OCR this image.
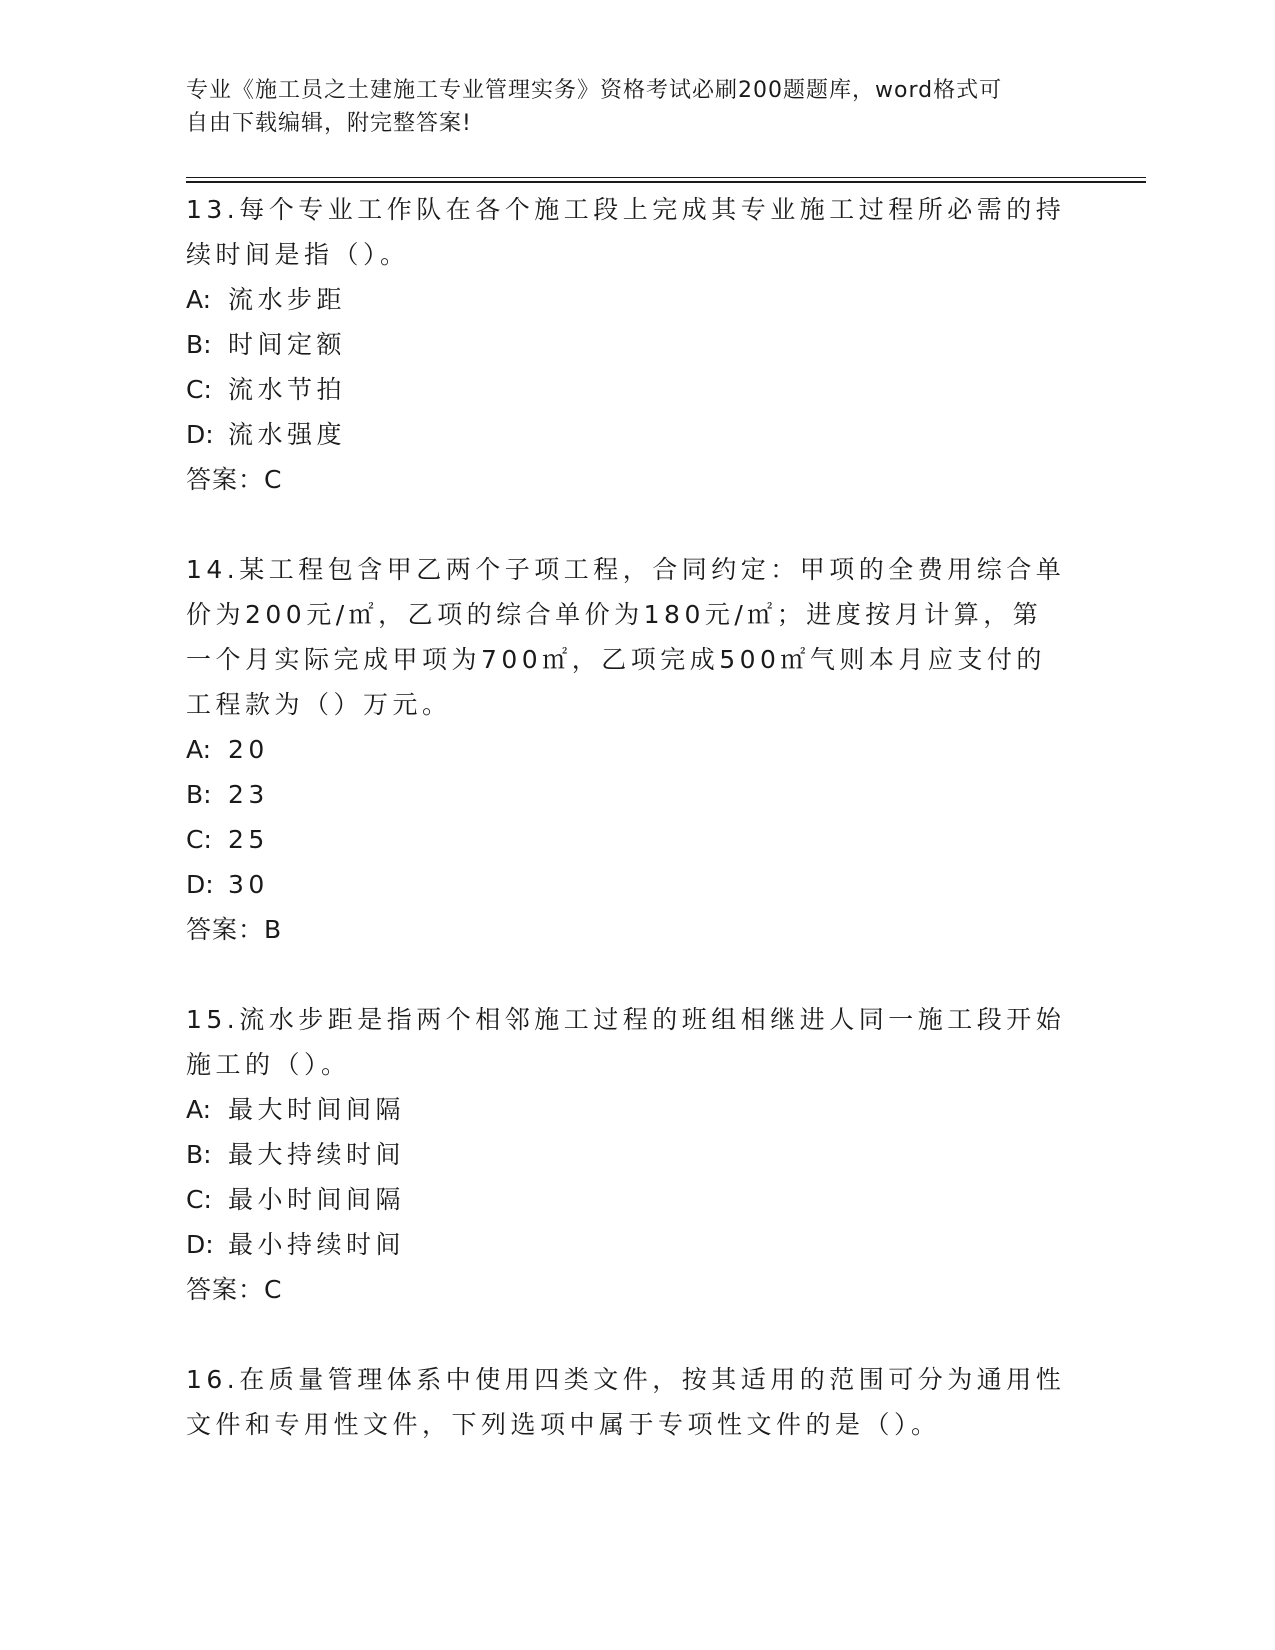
专业《施工员之土建施工专业管理实务》资格考试必刷200题题库，word格式可
自由下载编辑，附完整答案!
13.每个专业工作队在各个施工段上完成其专业施工过程所必需的持续时间是指（）。
A: 流水步距
B: 时间定额
C: 流水节拍
D: 流水强度
答案：C
14.某工程包含甲乙两个子项工程，合同约定：甲项的全费用综合单价为200元/㎡，乙项的综合单价为180元/㎡；进度按月计算，第一个月实际完成甲项为700㎡，乙项完成500㎡气则本月应支付的工程款为（）万元。
A: 20
B: 23
C: 25
D: 30
答案：B
15.流水步距是指两个相邻施工过程的班组相继进人同一施工段开始施工的（）。
A: 最大时间间隔
B: 最大持续时间
C: 最小时间间隔
D: 最小持续时间
答案：C
16.在质量管理体系中使用四类文件，按其适用的范围可分为通用性文件和专用性文件，下列选项中属于专项性文件的是（）。
